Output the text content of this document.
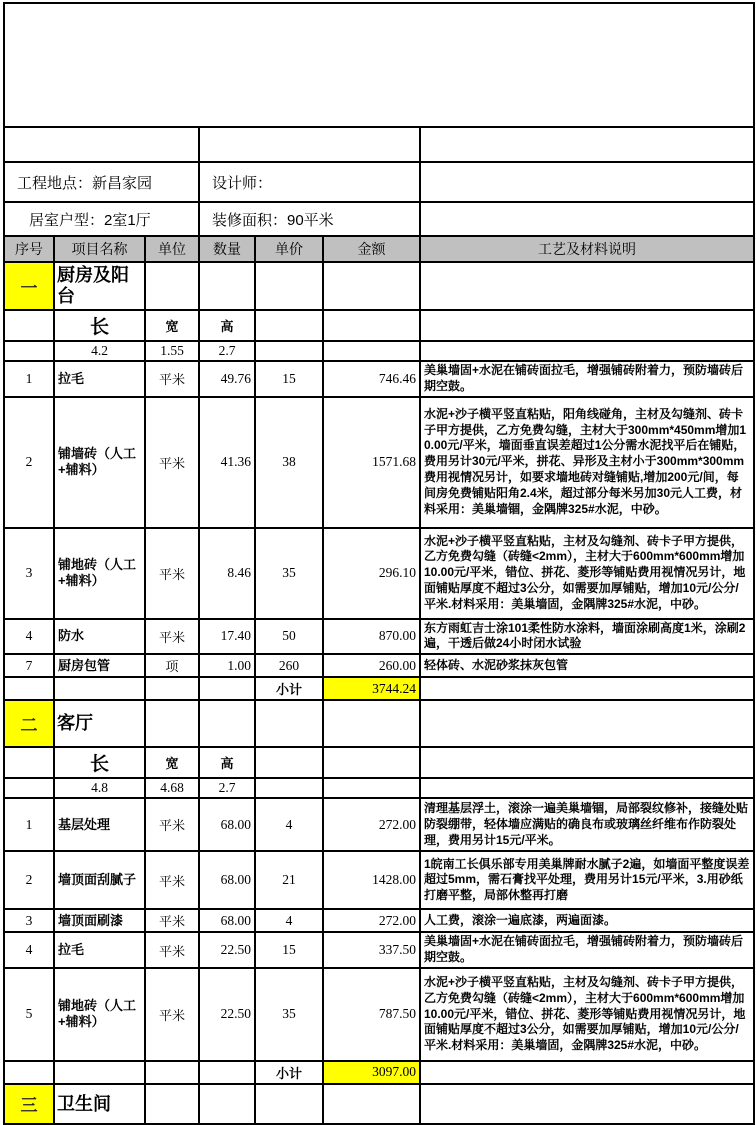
工程地点：新昌家园			设计师：			
居室户型：2室1厅			装修面积：90平米			
序号	项目名称	单位	数量	单价	金额	工艺及材料说明
一	厨房及阳台					
	长	宽	高			
	4.2	1.55	2.7			
1	拉毛	平米	49.76	15	746.46	美巢墙固+水泥在铺砖面拉毛，增强铺砖附着力，预防墙砖后期空鼓。
2	铺墙砖（人工+辅料）	平米	41.36	38	1571.68	水泥+沙子横平竖直粘贴，阳角线碰角，主材及勾缝剂、砖卡子甲方提供，乙方免费勾缝，主材大于300mm*450mm增加10.00元/平米，墙面垂直误差超过1公分需水泥找平后在铺贴，费用另计30元/平米，拼花、异形及主材小于300mm*300mm费用视情况另计，如要求墙地砖对缝铺贴,增加200元/间，每间房免费铺贴阳角2.4米，超过部分每米另加30元人工费，材料采用：美巢墙锢，金隅牌325#水泥，中砂。
3	铺地砖（人工+辅料）	平米	8.46	35	296.10	水泥+沙子横平竖直粘贴，主材及勾缝剂、砖卡子甲方提供，乙方免费勾缝（砖缝<2mm），主材大于600mm*600mm增加10.00元/平米，错位、拼花、菱形等铺贴费用视情况另计，地面铺贴厚度不超过3公分，如需要加厚铺贴，增加10元/公分/平米.材料采用：美巢墙固，金隅牌325#水泥，中砂。
4	防水	平米	17.40	50	870.00	东方雨虹吉士涂101柔性防水涂料，墙面涂刷高度1米，涂刷2遍，干透后做24小时闭水试验
7	厨房包管	项	1.00	260	260.00	轻体砖、水泥砂浆抹灰包管
				小计	3744.24	
二	客厅					
	长	宽	高			
	4.8	4.68	2.7			
1	基层处理	平米	68.00	4	272.00	清理基层浮土，滚涂一遍美巢墙锢，局部裂纹修补，接缝处贴防裂绷带，轻体墙应满贴的确良布或玻璃丝纤维布作防裂处理，费用另计15元/平米。
2	墙顶面刮腻子	平米	68.00	21	1428.00	1皖南工长俱乐部专用美巢牌耐水腻子2遍，如墙面平整度误差超过5mm，需石膏找平处理，费用另计15元/平米，3.用砂纸打磨平整，局部休整再打磨
3	墙顶面刷漆	平米	68.00	4	272.00	人工费，滚涂一遍底漆，两遍面漆。
4	拉毛	平米	22.50	15	337.50	美巢墙固+水泥在铺砖面拉毛，增强铺砖附着力，预防墙砖后期空鼓。
5	铺地砖（人工+辅料）	平米	22.50	35	787.50	水泥+沙子横平竖直粘贴，主材及勾缝剂、砖卡子甲方提供，乙方免费勾缝（砖缝<2mm），主材大于600mm*600mm增加10.00元/平米，错位、拼花、菱形等铺贴费用视情况另计，地面铺贴厚度不超过3公分，如需要加厚铺贴，增加10元/公分/平米.材料采用：美巢墙固，金隅牌325#水泥，中砂。
				小计	3097.00	
三	卫生间					
